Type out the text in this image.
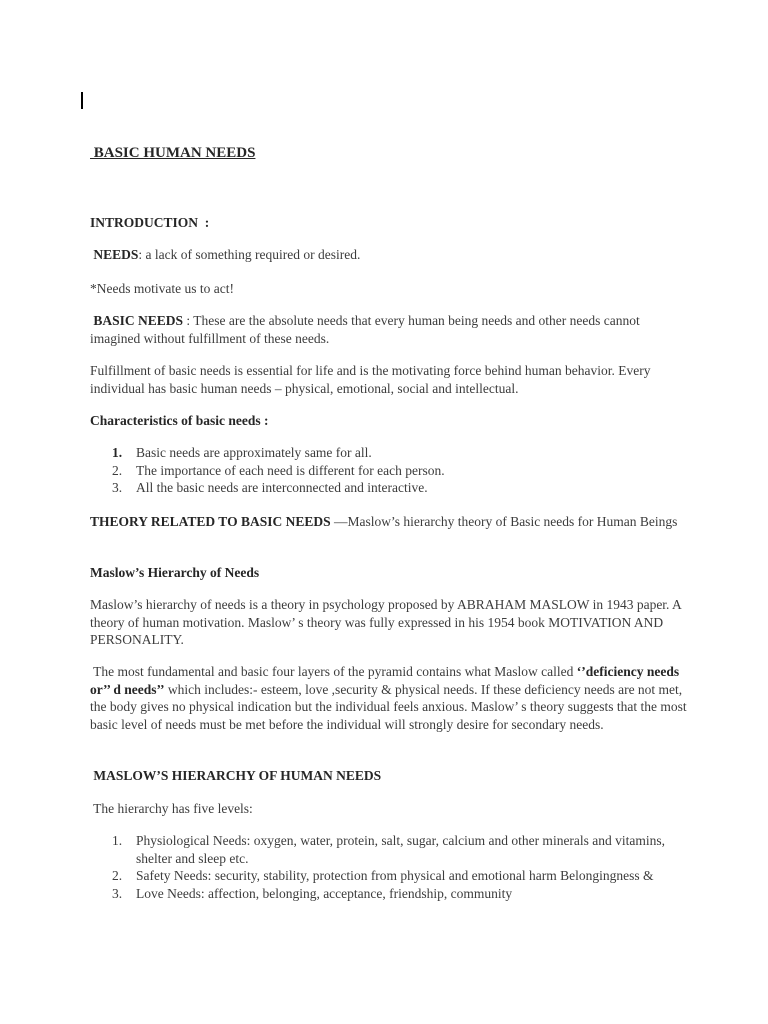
BASIC HUMAN NEEDS
INTRODUCTION  :
NEEDS: a lack of something required or desired.
*Needs motivate us to act!
BASIC NEEDS : These are the absolute needs that every human being needs and other needs cannot imagined without fulfillment of these needs.
Fulfillment of basic needs is essential for life and is the motivating force behind human behavior. Every individual has basic human needs – physical, emotional, social and intellectual.
Characteristics of basic needs :
1. Basic needs are approximately same for all.
2. The importance of each need is different for each person.
3. All the basic needs are interconnected and interactive.
THEORY RELATED TO BASIC NEEDS —Maslow’s hierarchy theory of Basic needs for Human Beings
Maslow’s Hierarchy of Needs
Maslow’s hierarchy of needs is a theory in psychology proposed by ABRAHAM MASLOW in 1943 paper. A theory of human motivation. Maslow’ s theory was fully expressed in his 1954 book MOTIVATION AND PERSONALITY.
The most fundamental and basic four layers of the pyramid contains what Maslow called ‘’deficiency needs or’’ d needs’’ which includes:- esteem, love ,security & physical needs. If these deficiency needs are not met, the body gives no physical indication but the individual feels anxious. Maslow’ s theory suggests that the most basic level of needs must be met before the individual will strongly desire for secondary needs.
MASLOW’S HIERARCHY OF HUMAN NEEDS
The hierarchy has five levels:
1. Physiological Needs: oxygen, water, protein, salt, sugar, calcium and other minerals and vitamins, shelter and sleep etc.
2. Safety Needs: security, stability, protection from physical and emotional harm Belongingness &
3. Love Needs: affection, belonging, acceptance, friendship, community
